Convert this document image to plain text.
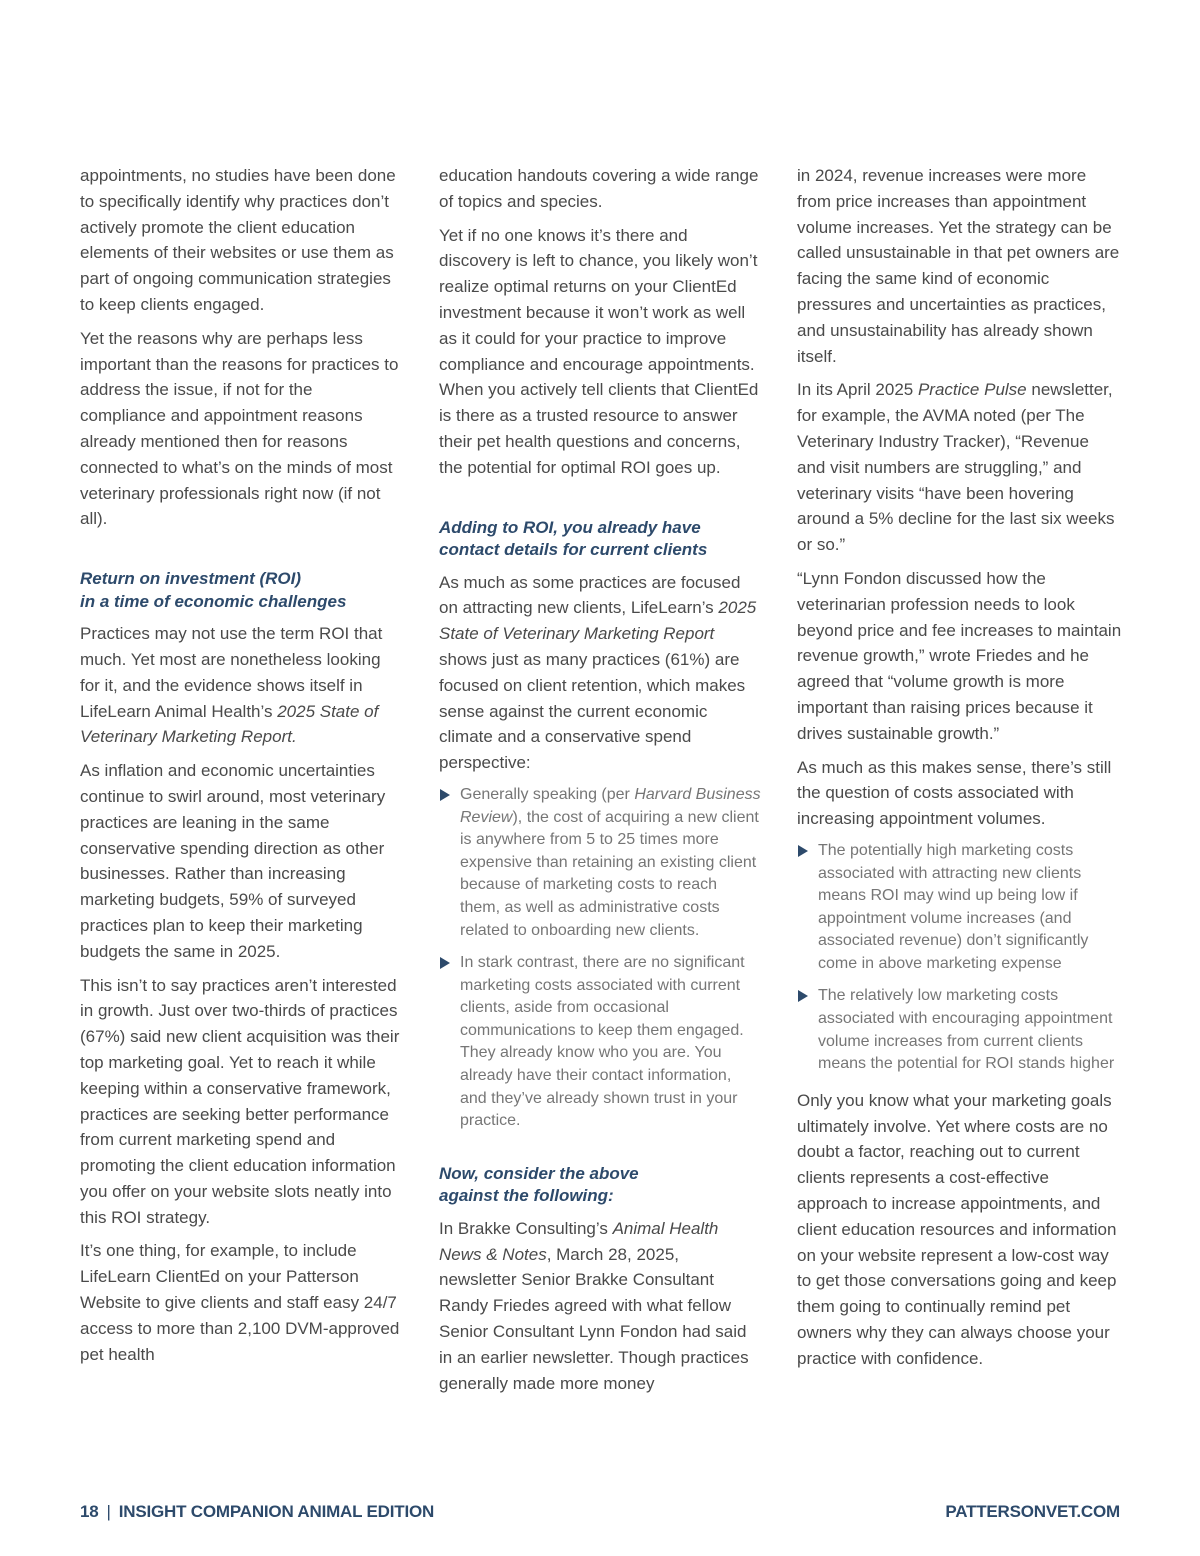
appointments, no studies have been done to specifically identify why practices don’t actively promote the client education elements of their websites or use them as part of ongoing communication strategies to keep clients engaged.

Yet the reasons why are perhaps less important than the reasons for practices to address the issue, if not for the compliance and appointment reasons already mentioned then for reasons connected to what’s on the minds of most veterinary professionals right now (if not all).

Return on investment (ROI)
in a time of economic challenges

Practices may not use the term ROI that much. Yet most are nonetheless looking for it, and the evidence shows itself in LifeLearn Animal Health’s 2025 State of Veterinary Marketing Report.

As inflation and economic uncertainties continue to swirl around, most veterinary practices are leaning in the same conservative spending direction as other businesses. Rather than increasing marketing budgets, 59% of surveyed practices plan to keep their marketing budgets the same in 2025.

This isn’t to say practices aren’t interested in growth. Just over two-thirds of practices (67%) said new client acquisition was their top marketing goal. Yet to reach it while keeping within a conservative framework, practices are seeking better performance from current marketing spend and promoting the client education information you offer on your website slots neatly into this ROI strategy.

It’s one thing, for example, to include LifeLearn ClientEd on your Patterson Website to give clients and staff easy 24/7 access to more than 2,100 DVM-approved pet health

education handouts covering a wide range of topics and species.

Yet if no one knows it’s there and discovery is left to chance, you likely won’t realize optimal returns on your ClientEd investment because it won’t work as well as it could for your practice to improve compliance and encourage appointments. When you actively tell clients that ClientEd is there as a trusted resource to answer their pet health questions and concerns, the potential for optimal ROI goes up.

Adding to ROI, you already have
contact details for current clients

As much as some practices are focused on attracting new clients, LifeLearn’s 2025 State of Veterinary Marketing Report shows just as many practices (61%) are focused on client retention, which makes sense against the current economic climate and a conservative spend perspective:

Generally speaking (per Harvard Business Review), the cost of acquiring a new client is anywhere from 5 to 25 times more expensive than retaining an existing client because of marketing costs to reach them, as well as administrative costs related to onboarding new clients.
In stark contrast, there are no significant marketing costs associated with current clients, aside from occasional communications to keep them engaged. They already know who you are. You already have their contact information, and they’ve already shown trust in your practice.
Now, consider the above
against the following:

In Brakke Consulting’s Animal Health News & Notes, March 28, 2025, newsletter Senior Brakke Consultant Randy Friedes agreed with what fellow Senior Consultant Lynn Fondon had said in an earlier newsletter. Though practices generally made more money

in 2024, revenue increases were more from price increases than appointment volume increases. Yet the strategy can be called unsustainable in that pet owners are facing the same kind of economic pressures and uncertainties as practices, and unsustainability has already shown itself.

In its April 2025 Practice Pulse newsletter, for example, the AVMA noted (per The Veterinary Industry Tracker), “Revenue and visit numbers are struggling,” and veterinary visits “have been hovering around a 5% decline for the last six weeks or so.”

“Lynn Fondon discussed how the veterinarian profession needs to look beyond price and fee increases to maintain revenue growth,” wrote Friedes and he agreed that “volume growth is more important than raising prices because it drives sustainable growth.”

As much as this makes sense, there’s still the question of costs associated with increasing appointment volumes.

The potentially high marketing costs associated with attracting new clients means ROI may wind up being low if appointment volume increases (and associated revenue) don’t significantly come in above marketing expense
The relatively low marketing costs associated with encouraging appointment volume increases from current clients means the potential for ROI stands higher

Only you know what your marketing goals ultimately involve. Yet where costs are no doubt a factor, reaching out to current clients represents a cost-effective approach to increase appointments, and client education resources and information on your website represent a low-cost way to get those conversations going and keep them going to continually remind pet owners why they can always choose your practice with confidence.

18 | INSIGHT COMPANION ANIMAL EDITION	PATTERSONVET.COM
